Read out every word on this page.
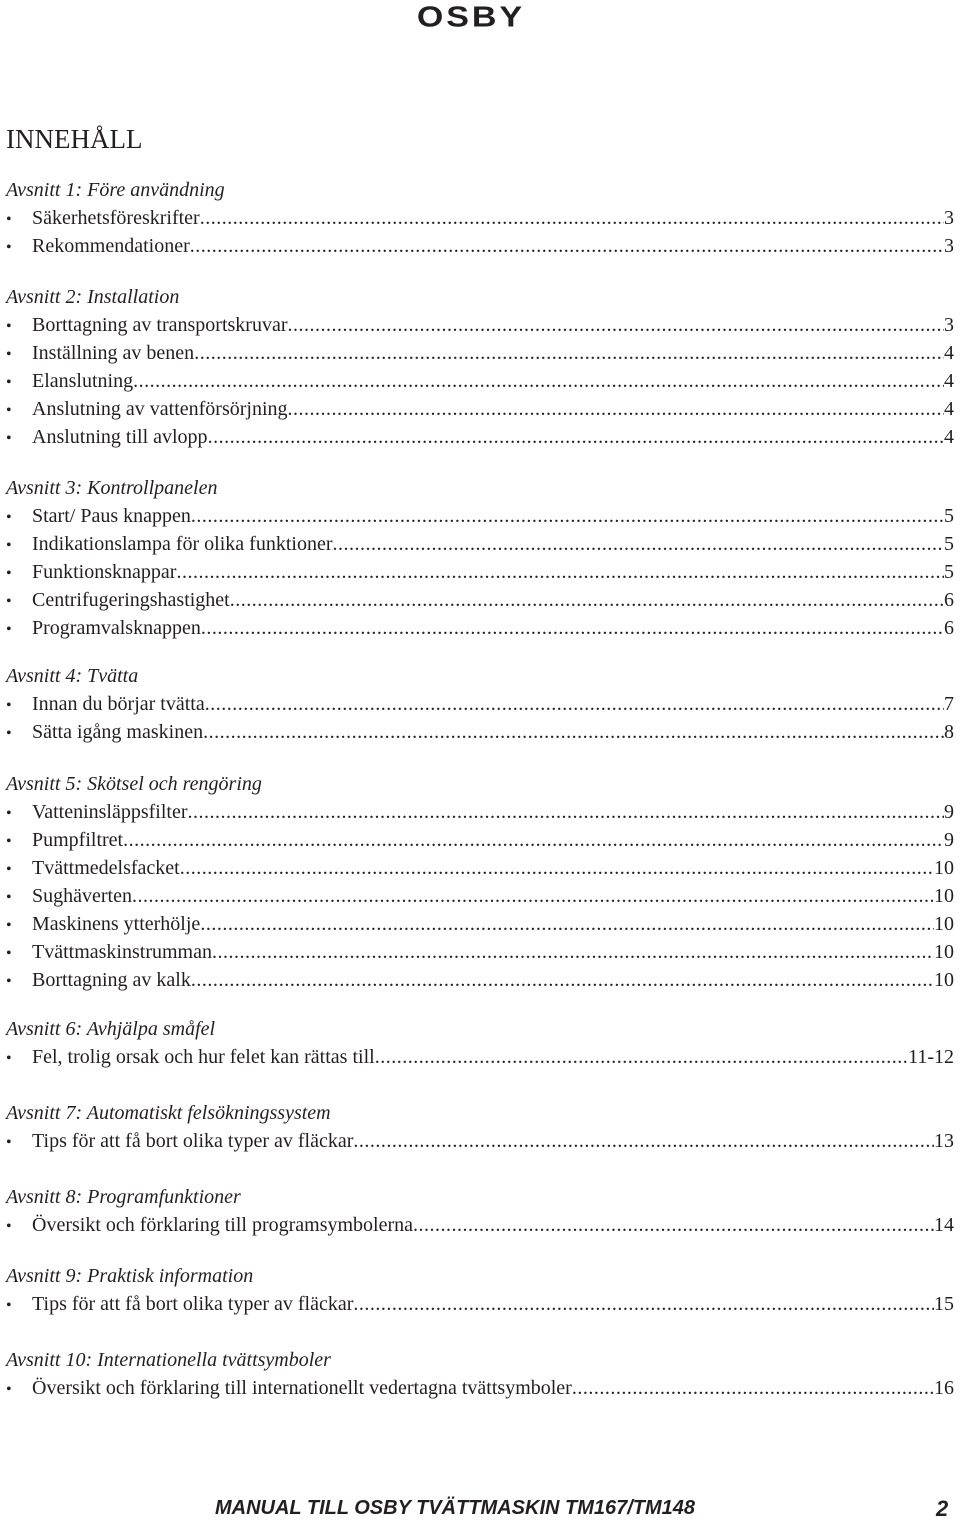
OSBY
INNEHÅLL
Avsnitt 1: Före användning
•	Säkerhetsföreskrifter .....	3
•	Rekommendationer .....	3
Avsnitt 2: Installation
•	Borttagning av transportskruvar .....	3
•	Inställning av benen .....	4
•	Elanslutning .....	4
•	Anslutning av vattenförsörjning .....	4
•	Anslutning till avlopp .....	4
Avsnitt 3: Kontrollpanelen
•	Start/ Paus knappen .....	5
•	Indikationslampa för olika funktioner .....	5
•	Funktionsknappar .....	5
•	Centrifugeringshastighet .....	6
•	Programvalsknappen .....	6
Avsnitt 4: Tvätta
•	Innan du börjar tvätta .....	7
•	Sätta igång maskinen .....	8
Avsnitt 5: Skötsel och rengöring
•	Vatteninsläppsfilter .....	9
•	Pumpfiltret .....	9
•	Tvättmedelsfacket .....	10
•	Sughäverten .....	10
•	Maskinens ytterhölje .....	10
•	Tvättmaskinstrumman .....	10
•	Borttagning av kalk .....	10
Avsnitt 6: Avhjälpa småfel
•	Fel, trolig orsak och hur felet kan rättas till .....	11-12
Avsnitt 7: Automatiskt felsökningssystem
•	Tips för att få bort olika typer av fläckar .....	13
Avsnitt 8: Programfunktioner
•	Översikt och förklaring till programsymbolerna .....	14
Avsnitt 9: Praktisk information
•	Tips för att få bort olika typer av fläckar .....	15
Avsnitt 10: Internationella tvättsymboler
•	Översikt och förklaring till internationellt vedertagna tvättsymboler .....	16
MANUAL TILL OSBY TVÄTTMASKIN TM167/TM148	2
